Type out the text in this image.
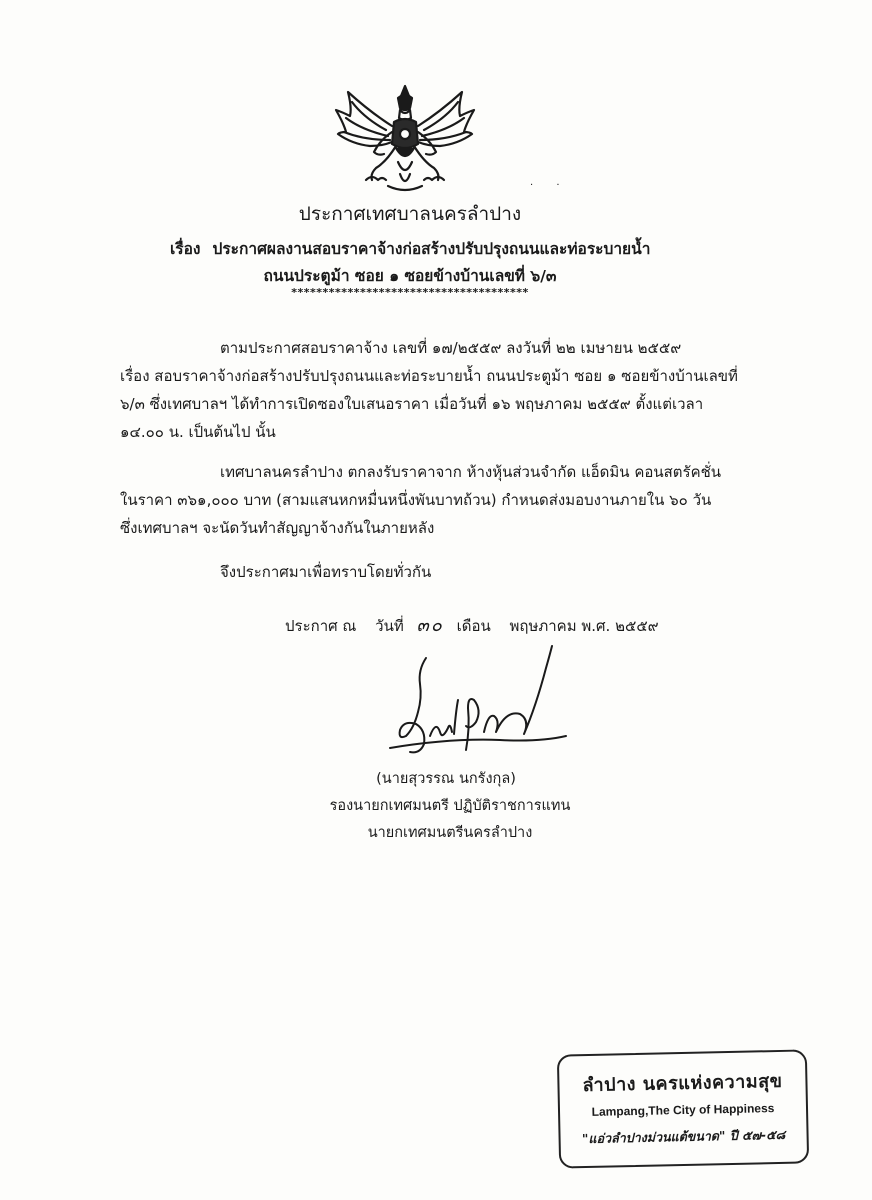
· ·
ประกาศเทศบาลนครลำปาง
เรื่อง ประกาศผลงานสอบราคาจ้างก่อสร้างปรับปรุงถนนและท่อระบายน้ำ
ถนนประตูม้า ซอย ๑ ซอยข้างบ้านเลขที่ ๖/๓
**************************************
ตามประกาศสอบราคาจ้าง เลขที่ ๑๗/๒๕๕๙ ลงวันที่ ๒๒ เมษายน ๒๕๕๙
เรื่อง สอบราคาจ้างก่อสร้างปรับปรุงถนนและท่อระบายน้ำ ถนนประตูม้า ซอย ๑ ซอยข้างบ้านเลขที่
๖/๓ ซึ่งเทศบาลฯ ได้ทำการเปิดซองใบเสนอราคา เมื่อวันที่ ๑๖ พฤษภาคม ๒๕๕๙ ตั้งแต่เวลา
๑๔.๐๐ น. เป็นต้นไป นั้น
เทศบาลนครลำปาง ตกลงรับราคาจาก ห้างหุ้นส่วนจำกัด แอ็ดมิน คอนสตรัคชั่น
ในราคา ๓๖๑,๐๐๐ บาท (สามแสนหกหมื่นหนึ่งพันบาทถ้วน) กำหนดส่งมอบงานภายใน ๖๐ วัน
ซึ่งเทศบาลฯ จะนัดวันทำสัญญาจ้างกันในภายหลัง
จึงประกาศมาเพื่อทราบโดยทั่วกัน
ประกาศ ณ วันที่ ๓๐ เดือน พฤษภาคม พ.ศ. ๒๕๕๙
(นายสุวรรณ นกรังกุล)
รองนายกเทศมนตรี ปฏิบัติราชการแทน
นายกเทศมนตรีนครลำปาง
ลำปาง นครแห่งความสุข
Lampang,The City of Happiness
"แอ่วลำปางม่วนแต้ขนาด" ปี ๕๗-๕๘
